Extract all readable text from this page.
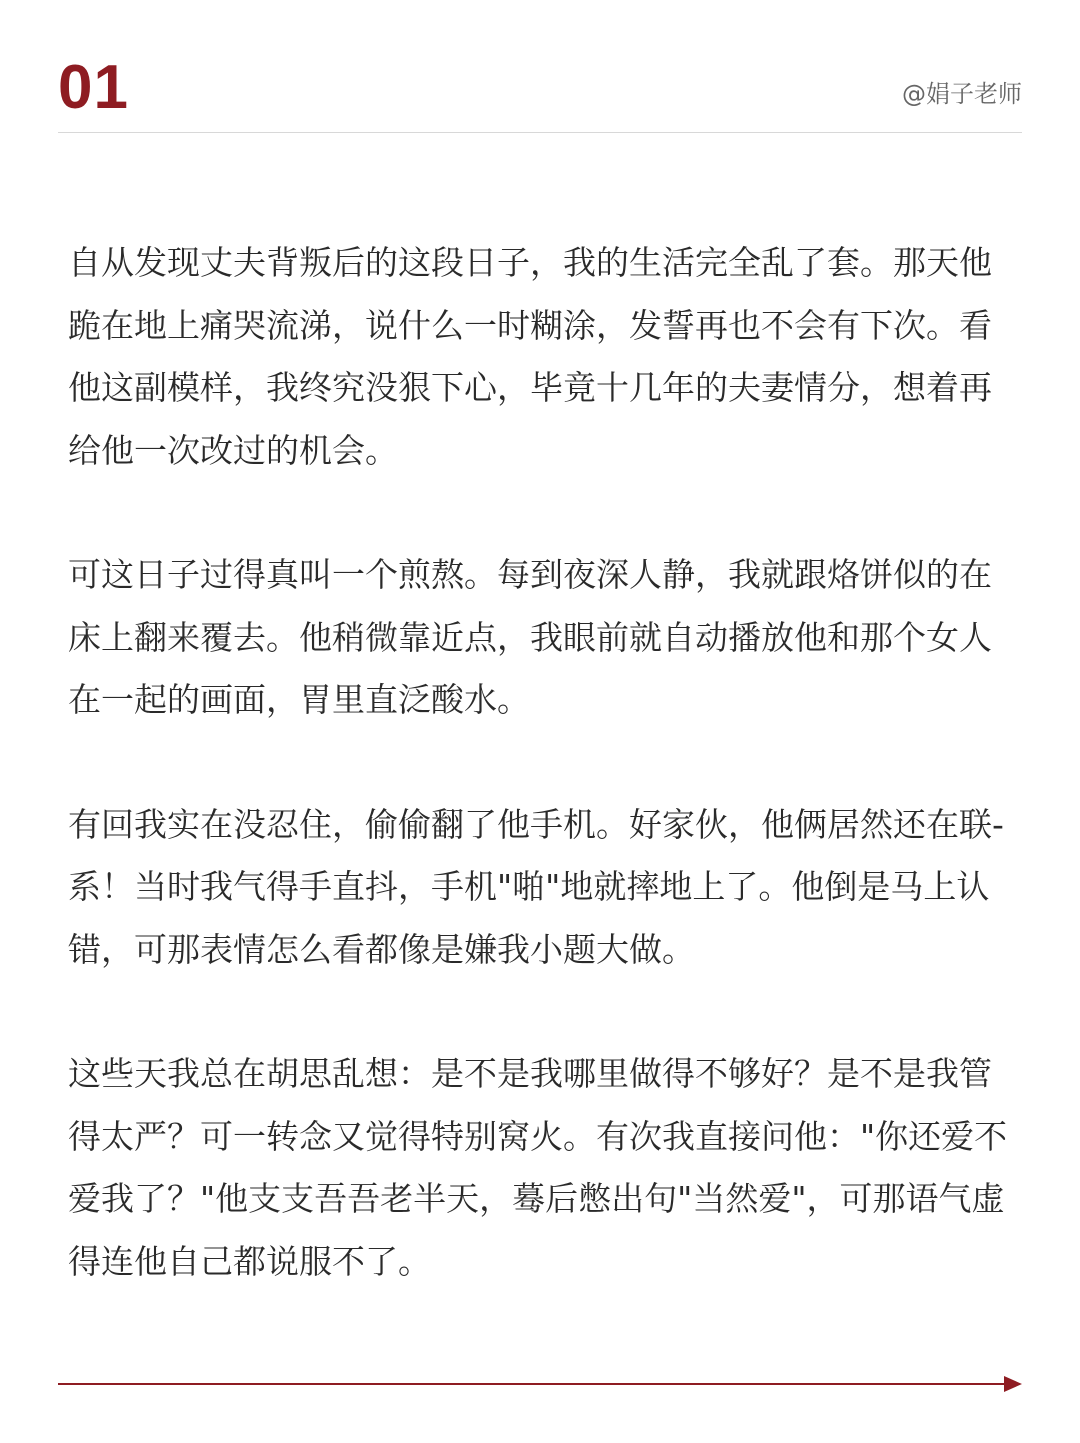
01	@娟子老师

自从发现丈夫背叛后的这段日子，我的生活完全乱了套。那天他跪在地上痛哭流涕，说什么一时糊涂，发誓再也不会有下次。看他这副模样，我终究没狠下心，毕竟十几年的夫妻情分，想着再给他一次改过的机会。

可这日子过得真叫一个煎熬。每到夜深人静，我就跟烙饼似的在床上翻来覆去。他稍微靠近点，我眼前就自动播放他和那个女人在一起的画面，胃里直泛酸水。

有回我实在没忍住，偷偷翻了他手机。好家伙，他俩居然还在联-系！当时我气得手直抖，手机"啪"地就摔地上了。他倒是马上认错，可那表情怎么看都像是嫌我小题大做。

这些天我总在胡思乱想：是不是我哪里做得不够好？是不是我管得太严？可一转念又觉得特别窝火。有次我直接问他："你还爱不爱我了？"他支支吾吾老半天，蓦后憋出句"当然爱"，可那语气虚得连他自己都说服不了。
